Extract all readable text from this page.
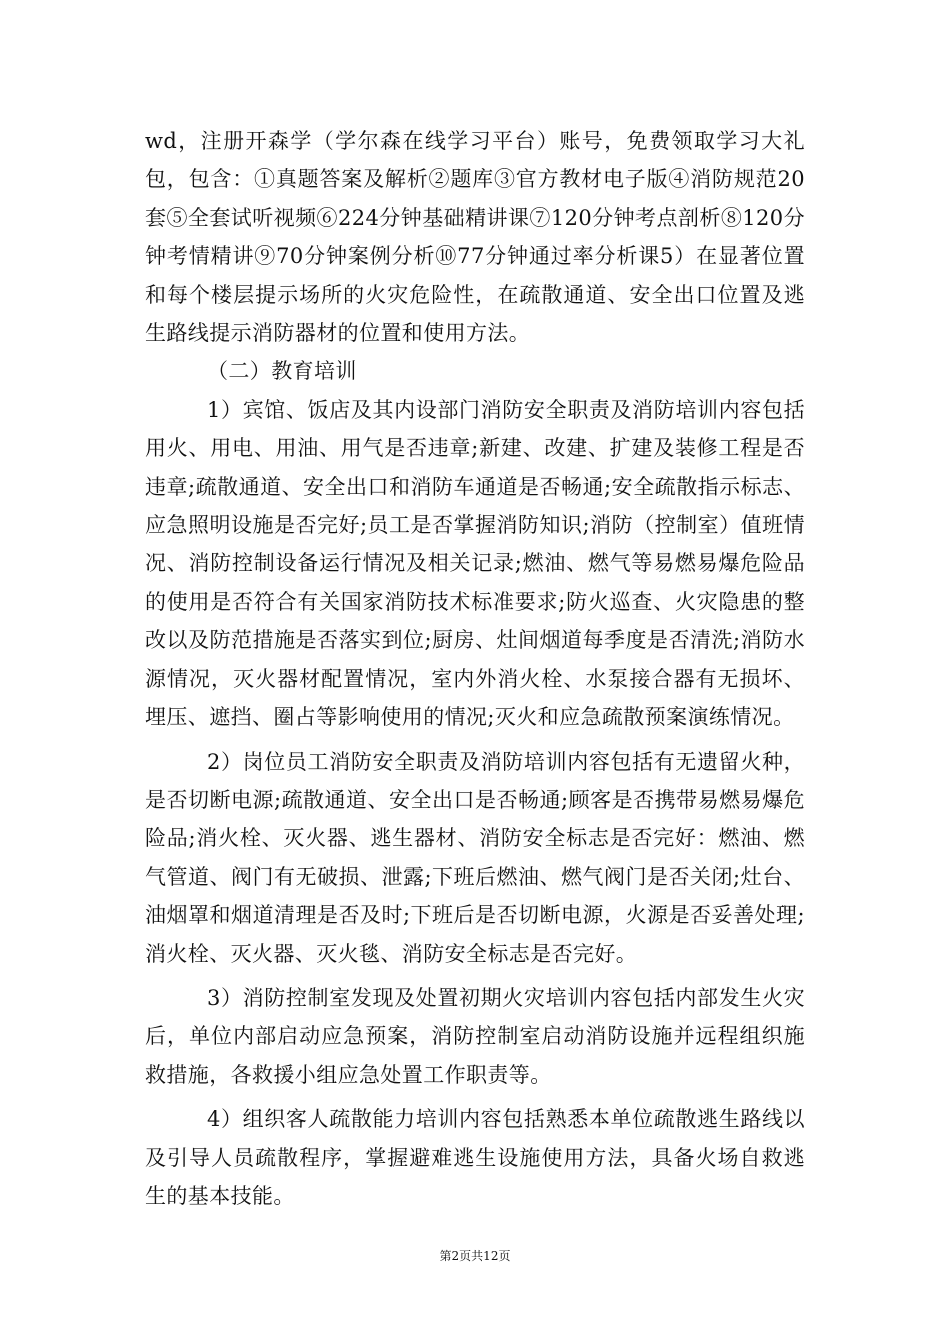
wd，注册开森学（学尔森在线学习平台）账号，免费领取学习大礼包，包含：①真题答案及解析②题库③官方教材电子版④消防规范20套⑤全套试听视频⑥224分钟基础精讲课⑦120分钟考点剖析⑧120分钟考情精讲⑨70分钟案例分析⑩77分钟通过率分析课5）在显著位置和每个楼层提示场所的火灾危险性，在疏散通道、安全出口位置及逃生路线提示消防器材的位置和使用方法。

（二）教育培训

1）宾馆、饭店及其内设部门消防安全职责及消防培训内容包括用火、用电、用油、用气是否违章;新建、改建、扩建及装修工程是否违章;疏散通道、安全出口和消防车通道是否畅通;安全疏散指示标志、应急照明设施是否完好;员工是否掌握消防知识;消防（控制室）值班情况、消防控制设备运行情况及相关记录;燃油、燃气等易燃易爆危险品的使用是否符合有关国家消防技术标准要求;防火巡查、火灾隐患的整改以及防范措施是否落实到位;厨房、灶间烟道每季度是否清洗;消防水源情况，灭火器材配置情况，室内外消火栓、水泵接合器有无损坏、埋压、遮挡、圈占等影响使用的情况;灭火和应急疏散预案演练情况。

2）岗位员工消防安全职责及消防培训内容包括有无遗留火种，是否切断电源;疏散通道、安全出口是否畅通;顾客是否携带易燃易爆危险品;消火栓、灭火器、逃生器材、消防安全标志是否完好：燃油、燃气管道、阀门有无破损、泄露;下班后燃油、燃气阀门是否关闭;灶台、油烟罩和烟道清理是否及时;下班后是否切断电源，火源是否妥善处理;消火栓、灭火器、灭火毯、消防安全标志是否完好。

3）消防控制室发现及处置初期火灾培训内容包括内部发生火灾后，单位内部启动应急预案，消防控制室启动消防设施并远程组织施救措施，各救援小组应急处置工作职责等。

4）组织客人疏散能力培训内容包括熟悉本单位疏散逃生路线以及引导人员疏散程序，掌握避难逃生设施使用方法，具备火场自救逃生的基本技能。

第2页共12页
